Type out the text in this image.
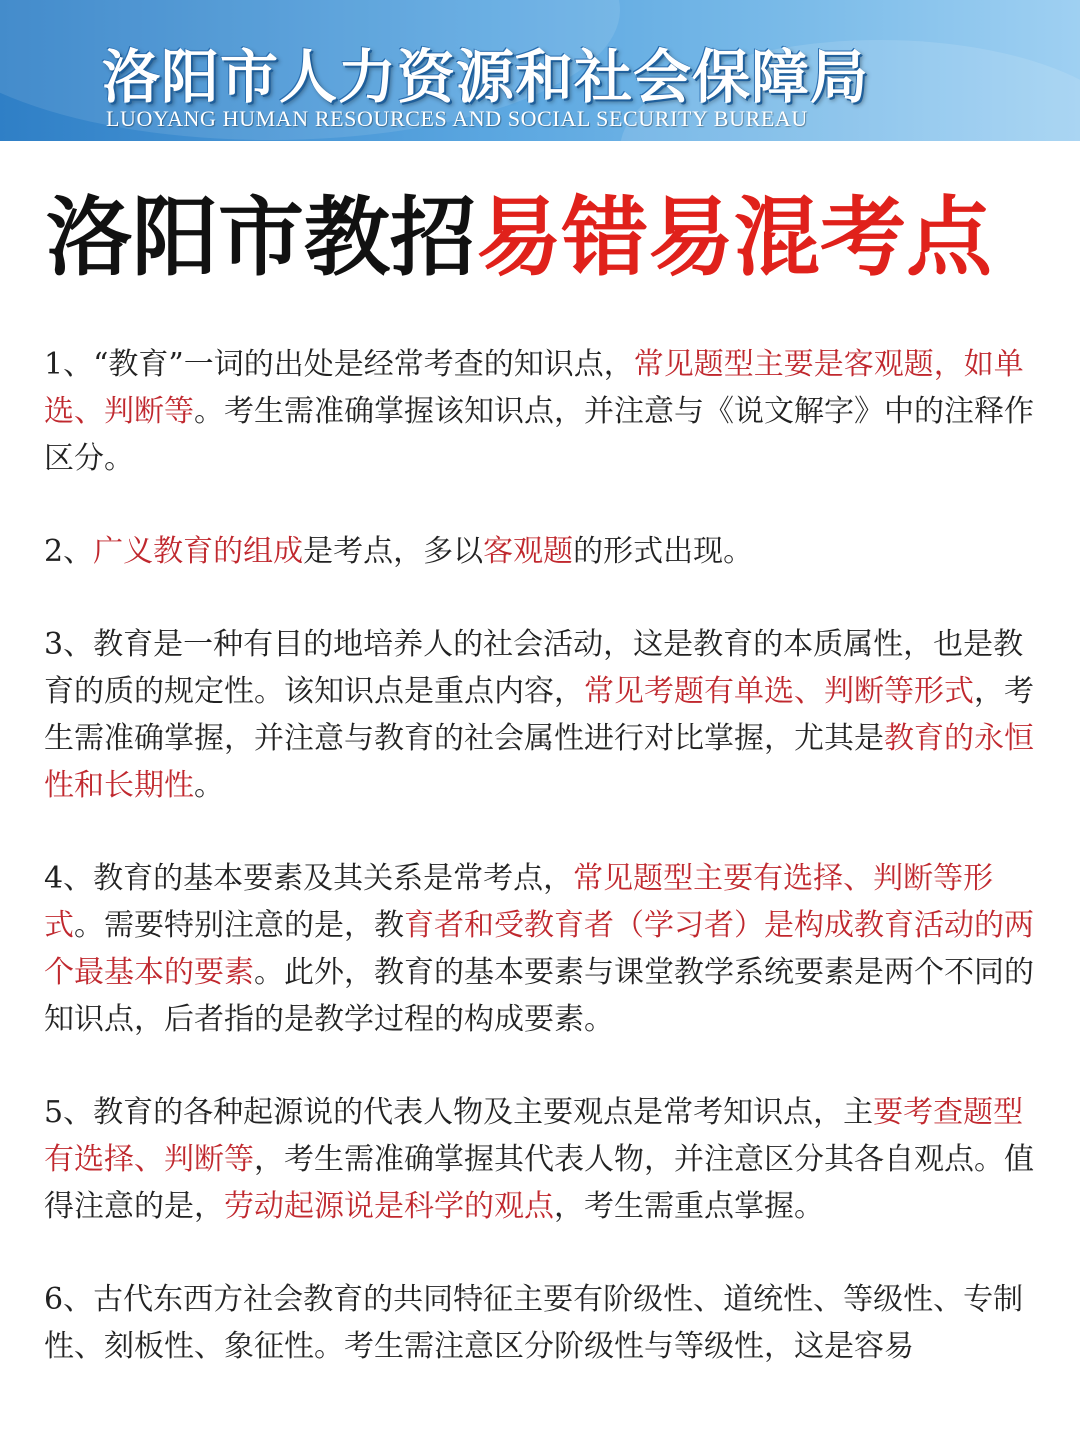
洛阳市人力资源和社会保障局
LUOYANG HUMAN RESOURCES AND SOCIAL SECURITY BUREAU
洛阳市教招易错易混考点

1、“教育”一词的出处是经常考查的知识点，常见题型主要是客观题，如单选、判断等。考生需准确掌握该知识点，并注意与《说文解字》中的注释作区分。

2、广义教育的组成是考点，多以客观题的形式出现。

3、教育是一种有目的地培养人的社会活动，这是教育的本质属性，也是教育的质的规定性。该知识点是重点内容，常见考题有单选、判断等形式，考生需准确掌握，并注意与教育的社会属性进行对比掌握，尤其是教育的永恒性和长期性。

4、教育的基本要素及其关系是常考点，常见题型主要有选择、判断等形式。需要特别注意的是，教育者和受教育者（学习者）是构成教育活动的两个最基本的要素。此外，教育的基本要素与课堂教学系统要素是两个不同的知识点，后者指的是教学过程的构成要素。

5、教育的各种起源说的代表人物及主要观点是常考知识点，主要考查题型有选择、判断等，考生需准确掌握其代表人物，并注意区分其各自观点。值得注意的是，劳动起源说是科学的观点，考生需重点掌握。

6、古代东西方社会教育的共同特征主要有阶级性、道统性、等级性、专制性、刻板性、象征性。考生需注意区分阶级性与等级性，这是容易
